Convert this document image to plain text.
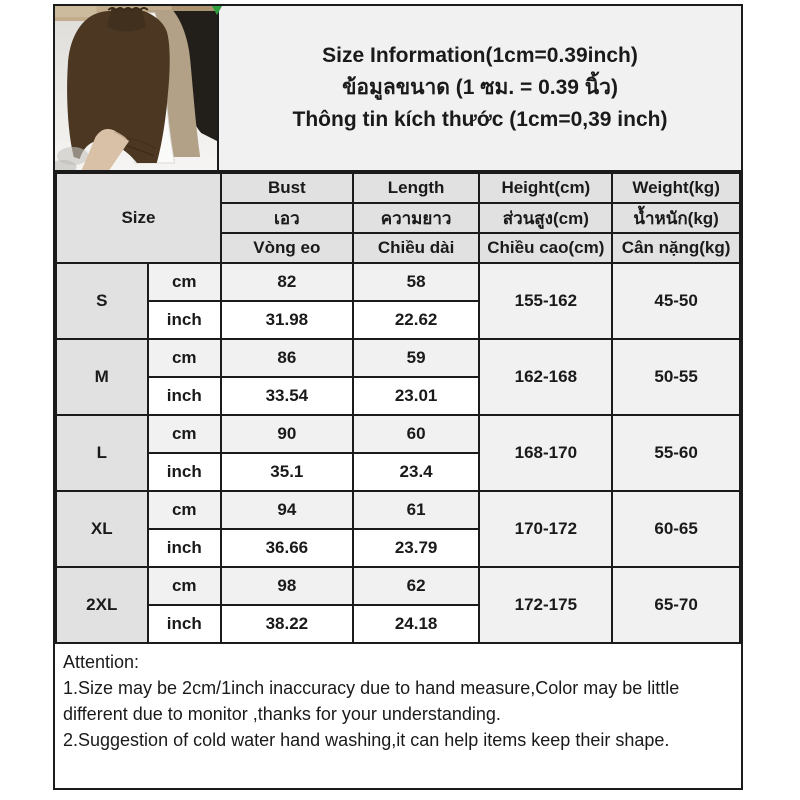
Size Information(1cm=0.39inch)
ข้อมูลขนาด (1 ซม. = 0.39 นิ้ว)
Thông tin kích thước (1cm=0,39 inch)
Size		Bust	Length	Height(cm)	Weight(kg)
		เอว	ความยาว	ส่วนสูง(cm)	น้ำหนัก(kg)
		Vòng eo	Chiều dài	Chiều cao(cm)	Cân nặng(kg)
S	cm	82	58	155-162	45-50
	inch	31.98	22.62		
M	cm	86	59	162-168	50-55
	inch	33.54	23.01		
L	cm	90	60	168-170	55-60
	inch	35.1	23.4		
XL	cm	94	61	170-172	60-65
	inch	36.66	23.79		
2XL	cm	98	62	172-175	65-70
	inch	38.22	24.18		
Attention:

1.Size may be 2cm/1inch inaccuracy due to hand measure,Color may be little different due to monitor ,thanks for your understanding.

2.Suggestion of cold water hand washing,it can help items keep their shape.
